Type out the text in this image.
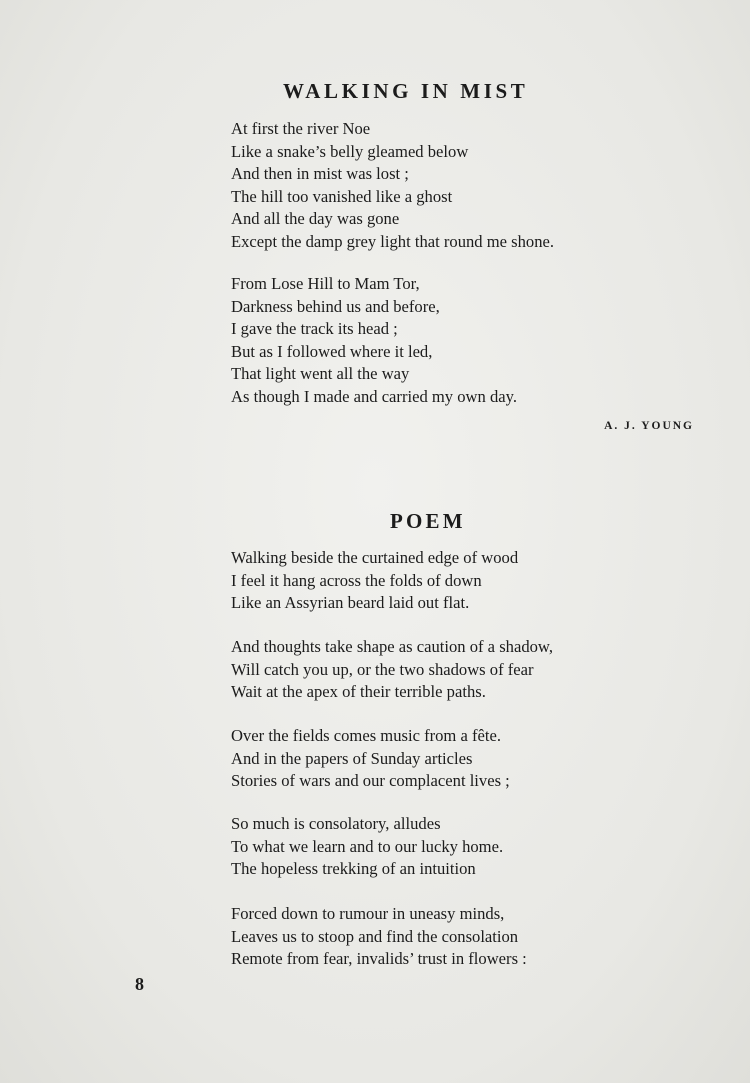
WALKING IN MIST
At first the river Noe
Like a snake’s belly gleamed below
And then in mist was lost ;
The hill too vanished like a ghost
And all the day was gone
Except the damp grey light that round me shone.
From Lose Hill to Mam Tor,
Darkness behind us and before,
I gave the track its head ;
But as I followed where it led,
That light went all the way
As though I made and carried my own day.
A. J. YOUNG
POEM
Walking beside the curtained edge of wood
I feel it hang across the folds of down
Like an Assyrian beard laid out flat.
And thoughts take shape as caution of a shadow,
Will catch you up, or the two shadows of fear
Wait at the apex of their terrible paths.
Over the fields comes music from a fête.
And in the papers of Sunday articles
Stories of wars and our complacent lives ;
So much is consolatory, alludes
To what we learn and to our lucky home.
The hopeless trekking of an intuition
Forced down to rumour in uneasy minds,
Leaves us to stoop and find the consolation
Remote from fear, invalids’ trust in flowers :
8
